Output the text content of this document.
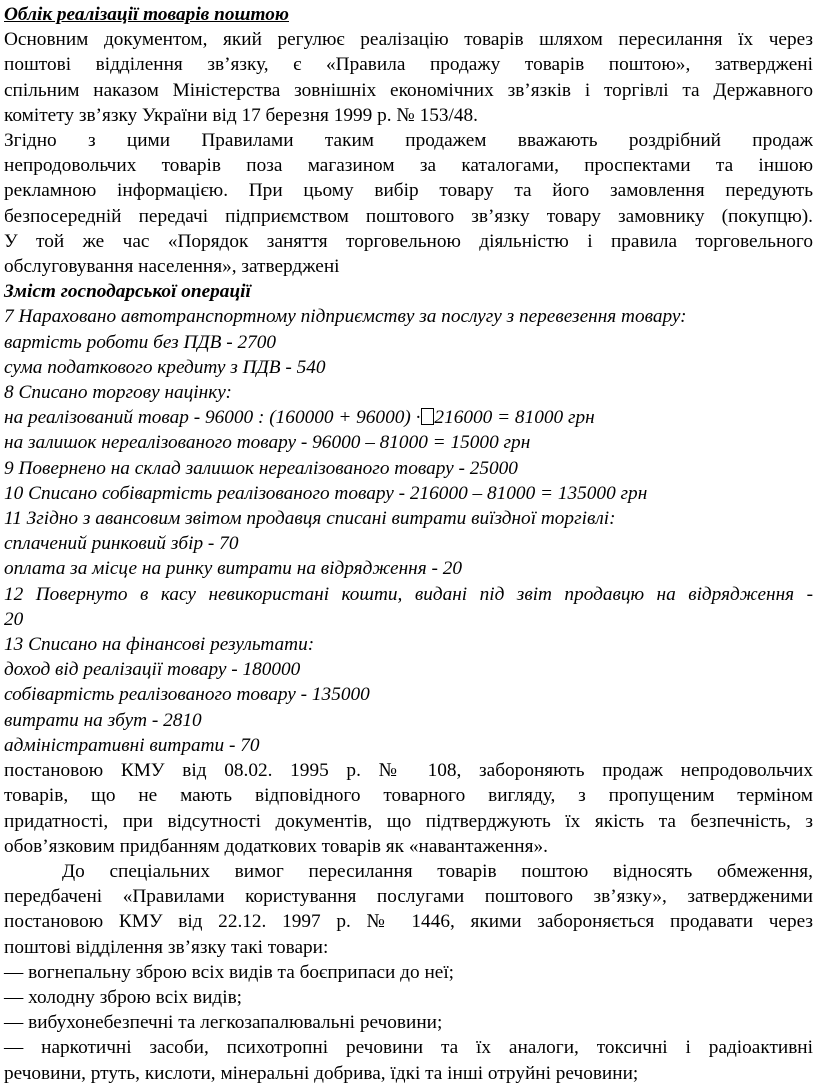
Облік реалізації товарів поштою

Основним документом, який регулює реалізацію товарів шляхом пересилання їх через

поштові відділення зв’язку, є «Правила продажу товарів поштою», затверджені

спільним наказом Міністерства зовнішніх економічних зв’язків і торгівлі та Державного

комітету зв’язку України від 17 березня 1999 р. № 153/48.

Згідно з цими Правилами таким продажем вважають роздрібний продаж

непродовольчих товарів поза магазином за каталогами, проспектами та іншою

рекламною інформацією. При цьому вибір товару та його замовлення передують

безпосередній передачі підприємством поштового зв’язку товару замовнику (покупцю).

У той же час «Порядок заняття торговельною діяльністю і правила торговельного

обслуговування населення», затверджені

Зміст господарської операції

7 Нараховано автотранспортному підприємству за послугу з перевезення товару:

вартість роботи без ПДВ - 2700

сума податкового кредиту з ПДВ - 540

8 Списано торгову націнку:

на реалізований товар - 96000 : (160000 + 96000) · 216000 = 81000 грн

на залишок нереалізованого товару - 96000 – 81000 = 15000 грн

9 Повернено на склад залишок нереалізованого товару - 25000

10 Списано собівартість реалізованого товару - 216000 – 81000 = 135000 грн

11 Згідно з авансовим звітом продавця списані витрати виїздної торгівлі:

сплачений ринковий збір - 70

оплата за місце на ринку витрати на відрядження - 20

12 Повернуто в касу невикористані кошти, видані під звіт продавцю на відрядження -

20

13 Списано на фінансові результати:

доход від реалізації товару - 180000

собівартість реалізованого товару - 135000

витрати на збут - 2810

адміністративні витрати - 70

постановою КМУ від 08.02. 1995 р. № 108, забороняють продаж непродовольчих

товарів, що не мають відповідного товарного вигляду, з пропущеним терміном

придатності, при відсутності документів, що підтверджують їх якість та безпечність, з

обов’язковим придбанням додаткових товарів як «навантаження».

До спеціальних вимог пересилання товарів поштою відносять обмеження,

передбачені «Правилами користування послугами поштового зв’язку», затвердженими

постановою КМУ від 22.12. 1997 р. № 1446, якими забороняється продавати через

поштові відділення зв’язку такі товари:

— вогнепальну зброю всіх видів та боєприпаси до неї;

— холодну зброю всіх видів;

— вибухонебезпечні та легкозапалювальні речовини;

— наркотичні засоби, психотропні речовини та їх аналоги, токсичні і радіоактивні

речовини, ртуть, кислоти, мінеральні добрива, їдкі та інші отруйні речовини;
